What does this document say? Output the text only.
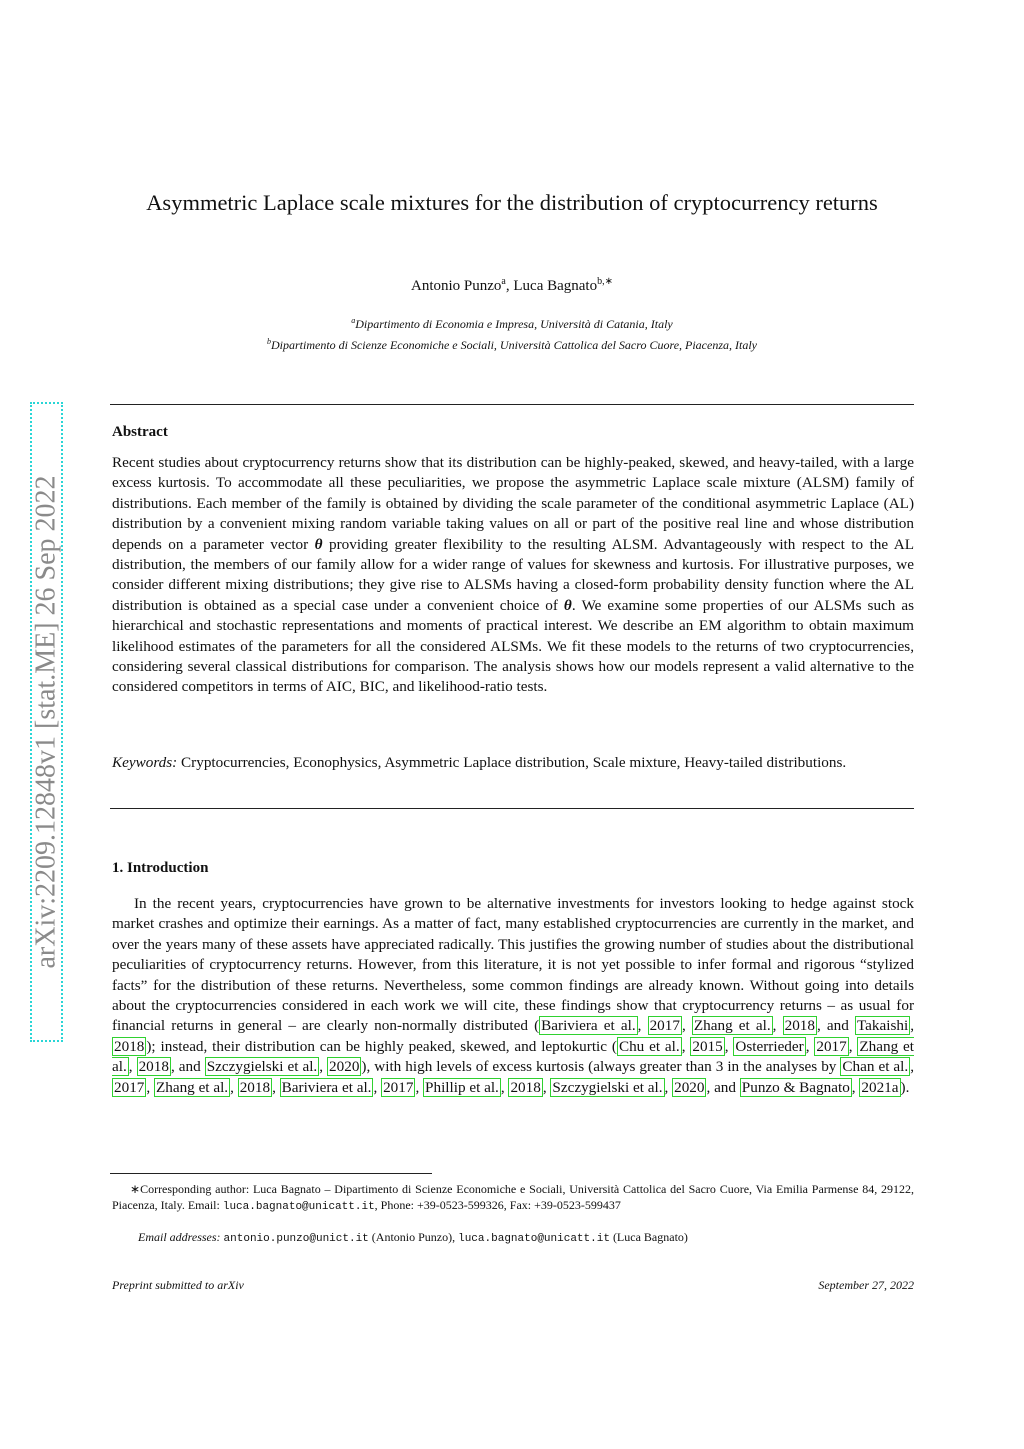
arXiv:2209.12848v1 [stat.ME] 26 Sep 2022
Asymmetric Laplace scale mixtures for the distribution of cryptocurrency returns
Antonio Punzo$^a$, Luca Bagnato$^{b,∗}$
$^a$Dipartimento di Economia e Impresa, Università di Catania, Italy
$^b$Dipartimento di Scienze Economiche e Sociali, Università Cattolica del Sacro Cuore, Piacenza, Italy
Abstract
Recent studies about cryptocurrency returns show that its distribution can be highly-peaked, skewed, and heavy-tailed, with a large excess kurtosis. To accommodate all these peculiarities, we propose the asymmetric Laplace scale mixture (ALSM) family of distributions. Each member of the family is obtained by dividing the scale parameter of the conditional asymmetric Laplace (AL) distribution by a convenient mixing random variable taking values on all or part of the positive real line and whose distribution depends on a parameter vector θ providing greater flexibility to the resulting ALSM. Advantageously with respect to the AL distribution, the members of our family allow for a wider range of values for skewness and kurtosis. For illustrative purposes, we consider different mixing distributions; they give rise to ALSMs having a closed-form probability density function where the AL distribution is obtained as a special case under a convenient choice of θ. We examine some properties of our ALSMs such as hierarchical and stochastic representations and moments of practical interest. We describe an EM algorithm to obtain maximum likelihood estimates of the parameters for all the considered ALSMs. We fit these models to the returns of two cryptocurrencies, considering several classical distributions for comparison. The analysis shows how our models represent a valid alternative to the considered competitors in terms of AIC, BIC, and likelihood-ratio tests.
Keywords: Cryptocurrencies, Econophysics, Asymmetric Laplace distribution, Scale mixture, Heavy-tailed distributions.
1. Introduction
In the recent years, cryptocurrencies have grown to be alternative investments for investors looking to hedge against stock market crashes and optimize their earnings. As a matter of fact, many established cryptocurrencies are currently in the market, and over the years many of these assets have appreciated radically. This justifies the growing number of studies about the distributional peculiarities of cryptocurrency returns. However, from this literature, it is not yet possible to infer formal and rigorous “stylized facts” for the distribution of these returns. Nevertheless, some common findings are already known. Without going into details about the cryptocurrencies considered in each work we will cite, these findings show that cryptocurrency returns – as usual for financial returns in general – are clearly non-normally distributed ( Bariviera et al. , 2017 , Zhang et al. , 2018 , and Takaishi , 2018 ); instead, their distribution can be highly peaked, skewed, and leptokurtic ( Chu et al. , 2015 , Osterrieder , 2017 , Zhang et al. , 2018 , and Szczygielski et al. , 2020 ), with high levels of excess kurtosis (always greater than 3 in the analyses by Chan et al. , 2017 , Zhang et al. , 2018 , Bariviera et al. , 2017 , Phillip et al. , 2018 , Szczygielski et al. , 2020 , and Punzo & Bagnato , 2021a ).
∗Corresponding author: Luca Bagnato – Dipartimento di Scienze Economiche e Sociali, Università Cattolica del Sacro Cuore, Via Emilia Parmense 84, 29122, Piacenza, Italy. Email: luca.bagnato@unicatt.it, Phone: +39-0523-599326, Fax: +39-0523-599437
Email addresses: antonio.punzo@unict.it (Antonio Punzo), luca.bagnato@unicatt.it (Luca Bagnato)
Preprint submitted to arXiv	September 27, 2022
